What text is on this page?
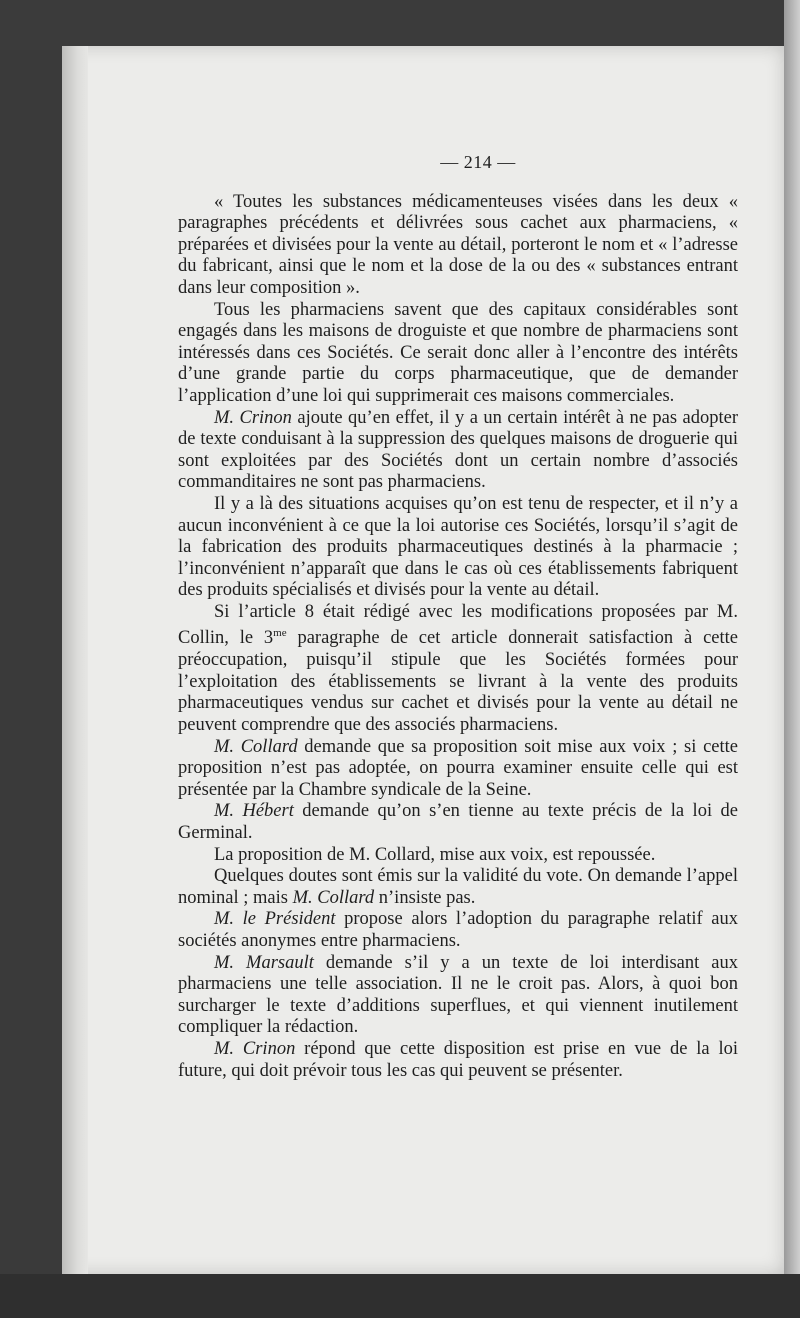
— 214 —

« Toutes les substances médicamenteuses visées dans les deux « paragraphes précédents et délivrées sous cachet aux pharmaciens, « préparées et divisées pour la vente au détail, porteront le nom et « l’adresse du fabricant, ainsi que le nom et la dose de la ou des « substances entrant dans leur composition ».

Tous les pharmaciens savent que des capitaux considérables sont engagés dans les maisons de droguiste et que nombre de pharmaciens sont intéressés dans ces Sociétés. Ce serait donc aller à l’encontre des intérêts d’une grande partie du corps pharmaceutique, que de demander l’application d’une loi qui supprimerait ces maisons commerciales.

M. Crinon ajoute qu’en effet, il y a un certain intérêt à ne pas adopter de texte conduisant à la suppression des quelques maisons de droguerie qui sont exploitées par des Sociétés dont un certain nombre d’associés commanditaires ne sont pas pharmaciens.

Il y a là des situations acquises qu’on est tenu de respecter, et il n’y a aucun inconvénient à ce que la loi autorise ces Sociétés, lorsqu’il s’agit de la fabrication des produits pharmaceutiques destinés à la pharmacie ; l’inconvénient n’apparaît que dans le cas où ces établissements fabriquent des produits spécialisés et divisés pour la vente au détail.

Si l’article 8 était rédigé avec les modifications proposées par M. Collin, le $3^{me}$ paragraphe de cet article donnerait satisfaction à cette préoccupation, puisqu’il stipule que les Sociétés formées pour l’exploitation des établissements se livrant à la vente des produits pharmaceutiques vendus sur cachet et divisés pour la vente au détail ne peuvent comprendre que des associés pharmaciens.

M. Collard demande que sa proposition soit mise aux voix ; si cette proposition n’est pas adoptée, on pourra examiner ensuite celle qui est présentée par la Chambre syndicale de la Seine.

M. Hébert demande qu’on s’en tienne au texte précis de la loi de Germinal.

La proposition de M. Collard, mise aux voix, est repoussée.

Quelques doutes sont émis sur la validité du vote. On demande l’appel nominal ; mais M. Collard n’insiste pas.

M. le Président propose alors l’adoption du paragraphe relatif aux sociétés anonymes entre pharmaciens.

M. Marsault demande s’il y a un texte de loi interdisant aux pharmaciens une telle association. Il ne le croit pas. Alors, à quoi bon surcharger le texte d’additions superflues, et qui viennent inutilement compliquer la rédaction.

M. Crinon répond que cette disposition est prise en vue de la loi future, qui doit prévoir tous les cas qui peuvent se présenter.
